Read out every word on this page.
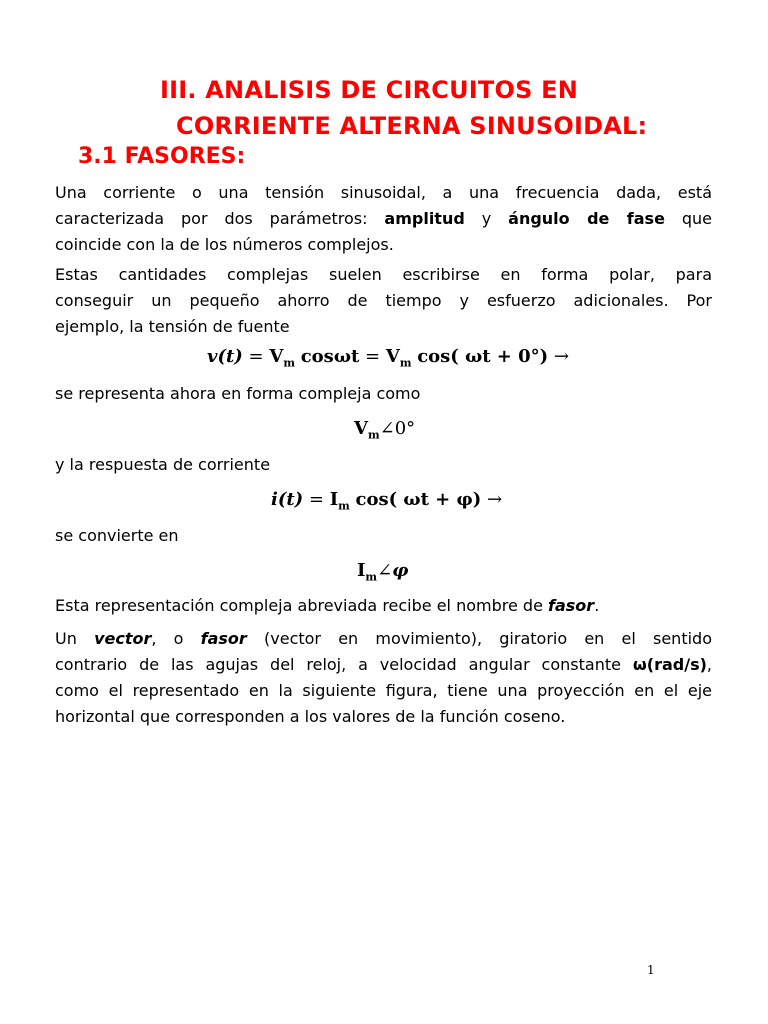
III. ANALISIS DE CIRCUITOS EN
CORRIENTE ALTERNA SINUSOIDAL:
3.1 FASORES:
Una corriente o una tensión sinusoidal, a una frecuencia dada, está
caracterizada por dos parámetros: amplitud y ángulo de fase que
coincide con la de los números complejos.
Estas cantidades complejas suelen escribirse en forma polar, para
conseguir un pequeño ahorro de tiempo y esfuerzo adicionales. Por
ejemplo, la tensión de fuente
$v(t) = V_m$ $\cos\omega t = V_m$ cos( ωt + 0°) →

se representa ahora en forma compleja como

$V_m\angle 0^\circ$

y la respuesta de corriente

$i(t) = I_m$ cos( ωt + φ) →

se convierte en

$I_m\angle\varphi$

Esta representación compleja abreviada recibe el nombre de fasor.

Un vector, o fasor (vector en movimiento), giratorio en el sentido
contrario de las agujas del reloj, a velocidad angular constante ω(rad/s),
como el representado en la siguiente figura, tiene una proyección en el eje
horizontal que corresponden a los valores de la función coseno.
1
